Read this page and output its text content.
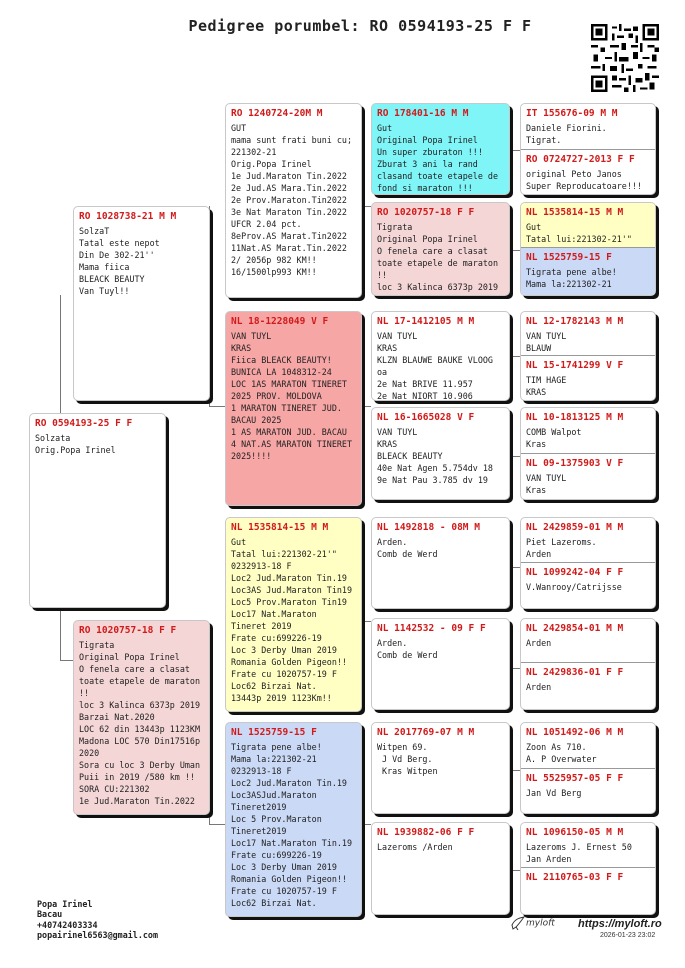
Pedigree porumbel: RO 0594193-25 F F
RO 0594193-25 F F
Solzata
Orig.Popa Irinel
RO 1028738-21 M M
SolzaT
Tatal este nepot
Din De 302-21''
Mama fiica
BLEACK BEAUTY
Van Tuyl!!
RO 1020757-18 F F
Tigrata
Original Popa Irinel
O fenela care a clasat
toate etapele de maraton
!!
loc 3 Kalinca 6373p 2019
Barzai Nat.2020
LOC 62 din 13443p 1123KM
Madona LOC 570 Din17516p
2020
Sora cu loc 3 Derby Uman
Puii in 2019 /580 km !!
SORA CU:221302
1e Jud.Maraton Tin.2022
RO 1240724-20M M
GUT
mama sunt frati buni cu;
221302-21
Orig.Popa Irinel
1e Jud.Maraton Tin.2022
2e Jud.AS Mara.Tin.2022
2e Prov.Maraton.Tin2022
3e Nat Maraton Tin.2022
UFCR 2.04 pct.
8eProv.AS Marat.Tin2022
11Nat.AS Marat.Tin.2022
2/ 2056p 982 KM!!
16/1500lp993 KM!!
NL 18-1228049 V F
VAN TUYL
KRAS
Fiica BLEACK BEAUTY!
BUNICA LA 1048312-24
LOC 1AS MARATON TINERET
2025 PROV. MOLDOVA
1 MARATON TINERET JUD.
BACAU 2025
1 AS MARATON JUD. BACAU
4 NAT.AS MARATON TINERET
2025!!!!
NL 1535814-15 M M
Gut
Tatal lui:221302-21'"
0232913-18 F
Loc2 Jud.Maraton Tin.19
Loc3AS Jud.Maraton Tin19
Loc5 Prov.Maraton Tin19
Loc17 Nat.Maraton
Tineret 2019
Frate cu:699226-19
Loc 3 Derby Uman 2019
Romania Golden Pigeon!!
Frate cu 1020757-19 F
Loc62 Birzai Nat.
13443p 2019 1123Km!!
NL 1525759-15 F
Tigrata pene albe!
Mama la:221302-21
0232913-18 F
Loc2 Jud.Maraton Tin.19
Loc3ASJud.Maraton
Tineret2019
Loc 5 Prov.Maraton
Tineret2019
Loc17 Nat.Maraton Tin.19
Frate cu:699226-19
Loc 3 Derby Uman 2019
Romania Golden Pigeon!!
Frate cu 1020757-19 F
Loc62 Birzai Nat.
RO 178401-16 M M
Gut
Original Popa Irinel
Un super zburaton !!!
Zburat 3 ani la rand
clasand toate etapele de
fond si maraton !!!
RO 1020757-18 F F
Tigrata
Original Popa Irinel
O fenela care a clasat
toate etapele de maraton
!!
loc 3 Kalinca 6373p 2019
NL 17-1412105 M M
VAN TUYL
KRAS
KLZN BLAUWE BAUKE VLOOG
oa
2e Nat BRIVE 11.957
2e Nat NIORT 10.906
NL 16-1665028 V F
VAN TUYL
KRAS
BLEACK BEAUTY
40e Nat Agen 5.754dv 18
9e Nat Pau 3.785 dv 19
NL 1492818 - 08M M
Arden.
Comb de Werd
NL 1142532 - 09 F F
Arden.
Comb de Werd
NL 2017769-07 M M
Witpen 69.
J Vd Berg.
Kras Witpen
NL 1939882-06 F F
Lazeroms /Arden
IT 155676-09 M M
Daniele Fiorini.
Tigrat.
RO 0724727-2013 F F
original Peto Janos
Super Reproducatoare!!!
NL 1535814-15 M M
Gut
Tatal lui:221302-21'"
NL 1525759-15 F
Tigrata pene albe!
Mama la:221302-21
NL 12-1782143 M M
VAN TUYL
BLAUW
NL 15-1741299 V F
TIM HAGE
KRAS
NL 10-1813125 M M
COMB Walpot
Kras
NL 09-1375903 V F
VAN TUYL
Kras
NL 2429859-01 M M
Piet Lazeroms.
Arden
NL 1099242-04 F F
V.Wanrooy/Catrijsse
NL 2429854-01 M M
Arden
NL 2429836-01 F F
Arden
NL 1051492-06 M M
Zoon As 710.
A. P Overwater
NL 5525957-05 F F
Jan Vd Berg
NL 1096150-05 M M
Lazeroms J. Ernest 50
Jan Arden
NL 2110765-03 F F
Popa Irinel
Bacau
+40742403334
popairinel6563@gmail.com
myloft https://myloft.ro
2026-01-23 23:02
